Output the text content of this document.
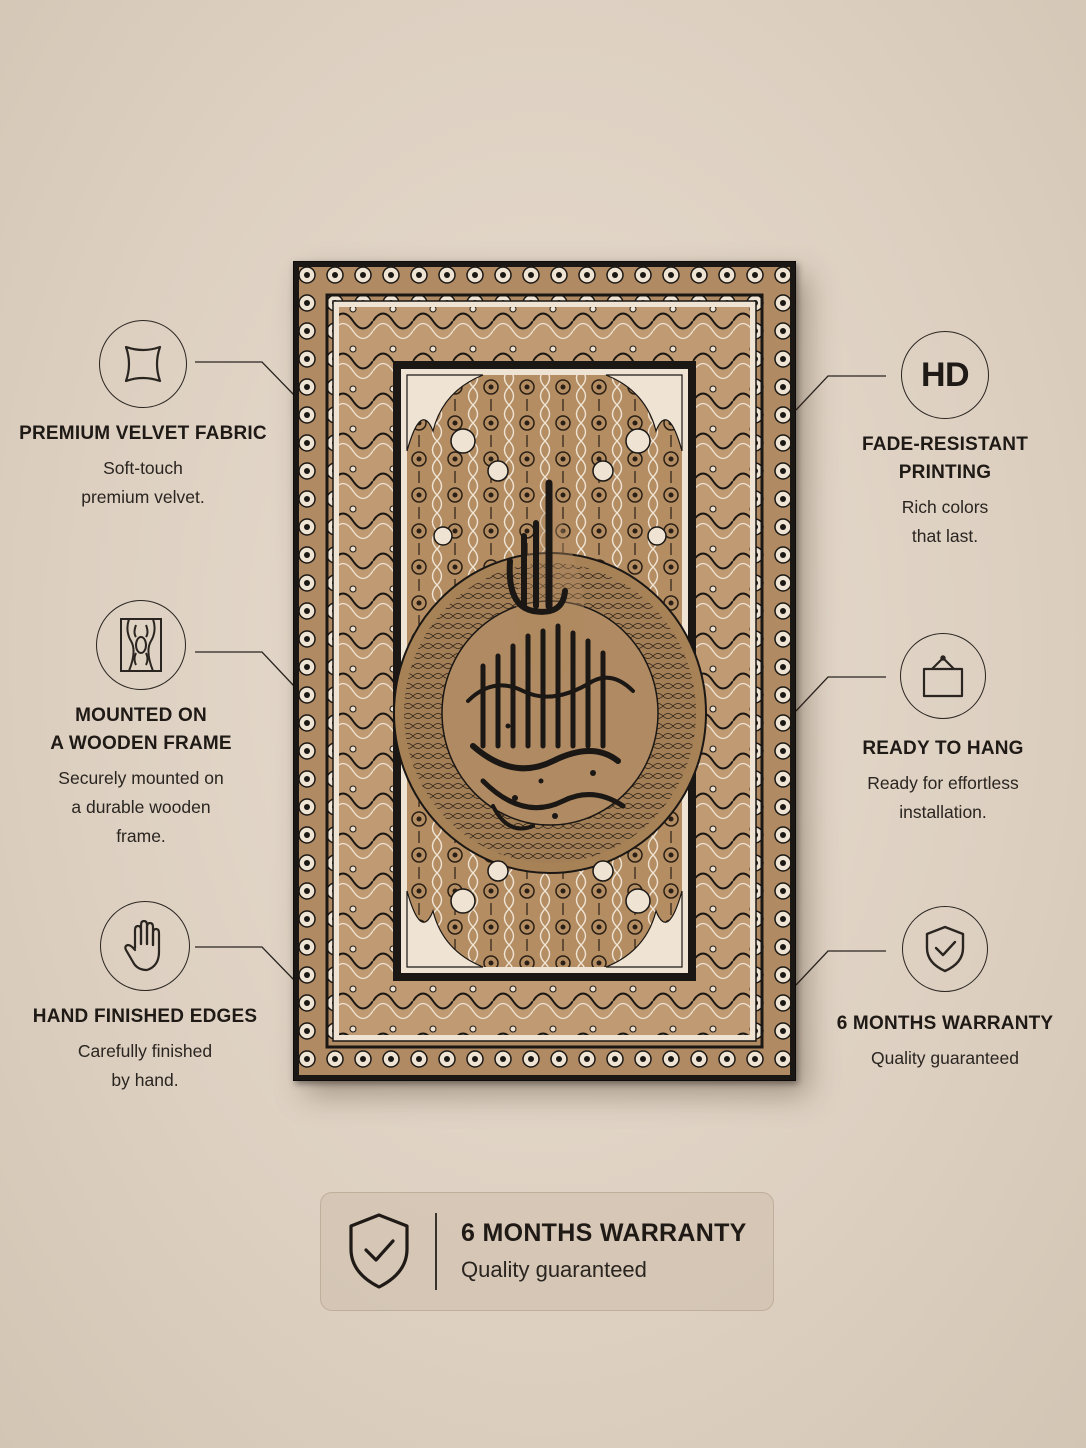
PREMIUM VELVET FABRIC
Soft-touch
premium velvet.
MOUNTED ON
A WOODEN FRAME
Securely mounted on
a durable wooden
frame.
HAND FINISHED EDGES
Carefully finished
by hand.
HD
FADE-RESISTANT
PRINTING
Rich colors
that last.
READY TO HANG
Ready for effortless
installation.
6 MONTHS WARRANTY
Quality guaranteed
6 MONTHS WARRANTY
Quality guaranteed
